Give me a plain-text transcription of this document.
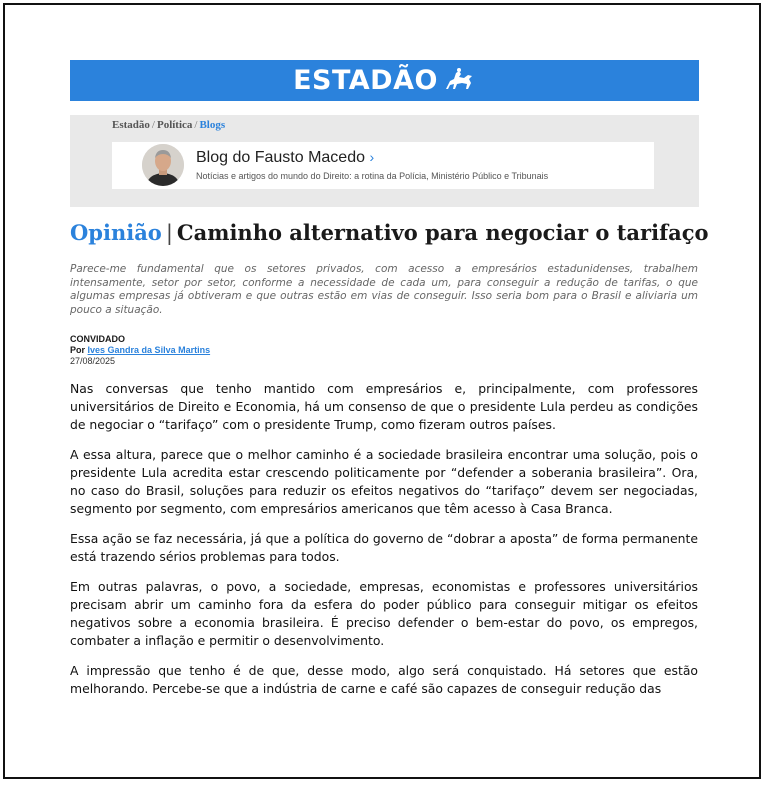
ESTADÃO
Estadão / Política / Blogs
Blog do Fausto Macedo ›
Notícias e artigos do mundo do Direito: a rotina da Polícia, Ministério Público e Tribunais
Opinião | Caminho alternativo para negociar o tarifaço
Parece-me fundamental que os setores privados, com acesso a empresários estadunidenses, trabalhem intensamente, setor por setor, conforme a necessidade de cada um, para conseguir a redução de tarifas, o que algumas empresas já obtiveram e que outras estão em vias de conseguir. Isso seria bom para o Brasil e aliviaria um pouco a situação.
CONVIDADO
Por Ives Gandra da Silva Martins
27/08/2025

Nas conversas que tenho mantido com empresários e, principalmente, com professores universitários de Direito e Economia, há um consenso de que o presidente Lula perdeu as condições de negociar o “tarifaço” com o presidente Trump, como fizeram outros países.

A essa altura, parece que o melhor caminho é a sociedade brasileira encontrar uma solução, pois o presidente Lula acredita estar crescendo politicamente por “defender a soberania brasileira”. Ora, no caso do Brasil, soluções para reduzir os efeitos negativos do “tarifaço” devem ser negociadas, segmento por segmento, com empresários americanos que têm acesso à Casa Branca.

Essa ação se faz necessária, já que a política do governo de “dobrar a aposta” de forma permanente está trazendo sérios problemas para todos.

Em outras palavras, o povo, a sociedade, empresas, economistas e professores universitários precisam abrir um caminho fora da esfera do poder público para conseguir mitigar os efeitos negativos sobre a economia brasileira. É preciso defender o bem-estar do povo, os empregos, combater a inflação e permitir o desenvolvimento.

A impressão que tenho é de que, desse modo, algo será conquistado. Há setores que estão melhorando. Percebe-se que a indústria de carne e café são capazes de conseguir redução das
